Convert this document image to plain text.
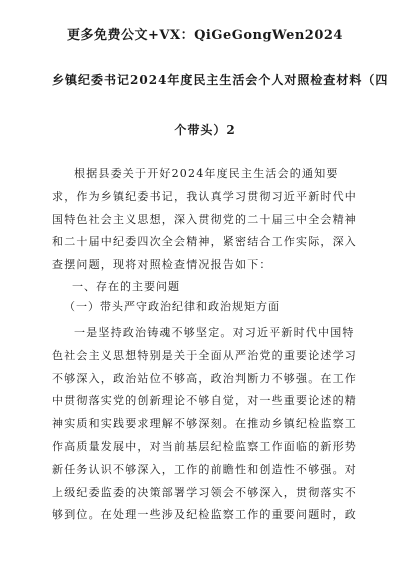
更多免费公文+VX：QiGeGongWen2024
乡镇纪委书记2024年度民主生活会个人对照检查材料（四
个带头）2
根据县委关于开好2024年度民主生活会的通知要求，作为乡镇纪委书记，我认真学习贯彻习近平新时代中国特色社会主义思想，深入贯彻党的二十届三中全会精神和二十届中纪委四次全会精神，紧密结合工作实际，深入查摆问题，现将对照检查情况报告如下：
一、存在的主要问题
（一）带头严守政治纪律和政治规矩方面
一是坚持政治铸魂不够坚定。对习近平新时代中国特色社会主义思想特别是关于全面从严治党的重要论述学习不够深入，政治站位不够高，政治判断力不够强。在工作中贯彻落实党的创新理论不够自觉，对一些重要论述的精神实质和实践要求理解不够深刻。在推动乡镇纪检监察工作高质量发展中，对当前基层纪检监察工作面临的新形势新任务认识不够深入，工作的前瞻性和创造性不够强。对上级纪委监委的决策部署学习领会不够深入，贯彻落实不够到位。在处理一些涉及纪检监察工作的重要问题时，政
